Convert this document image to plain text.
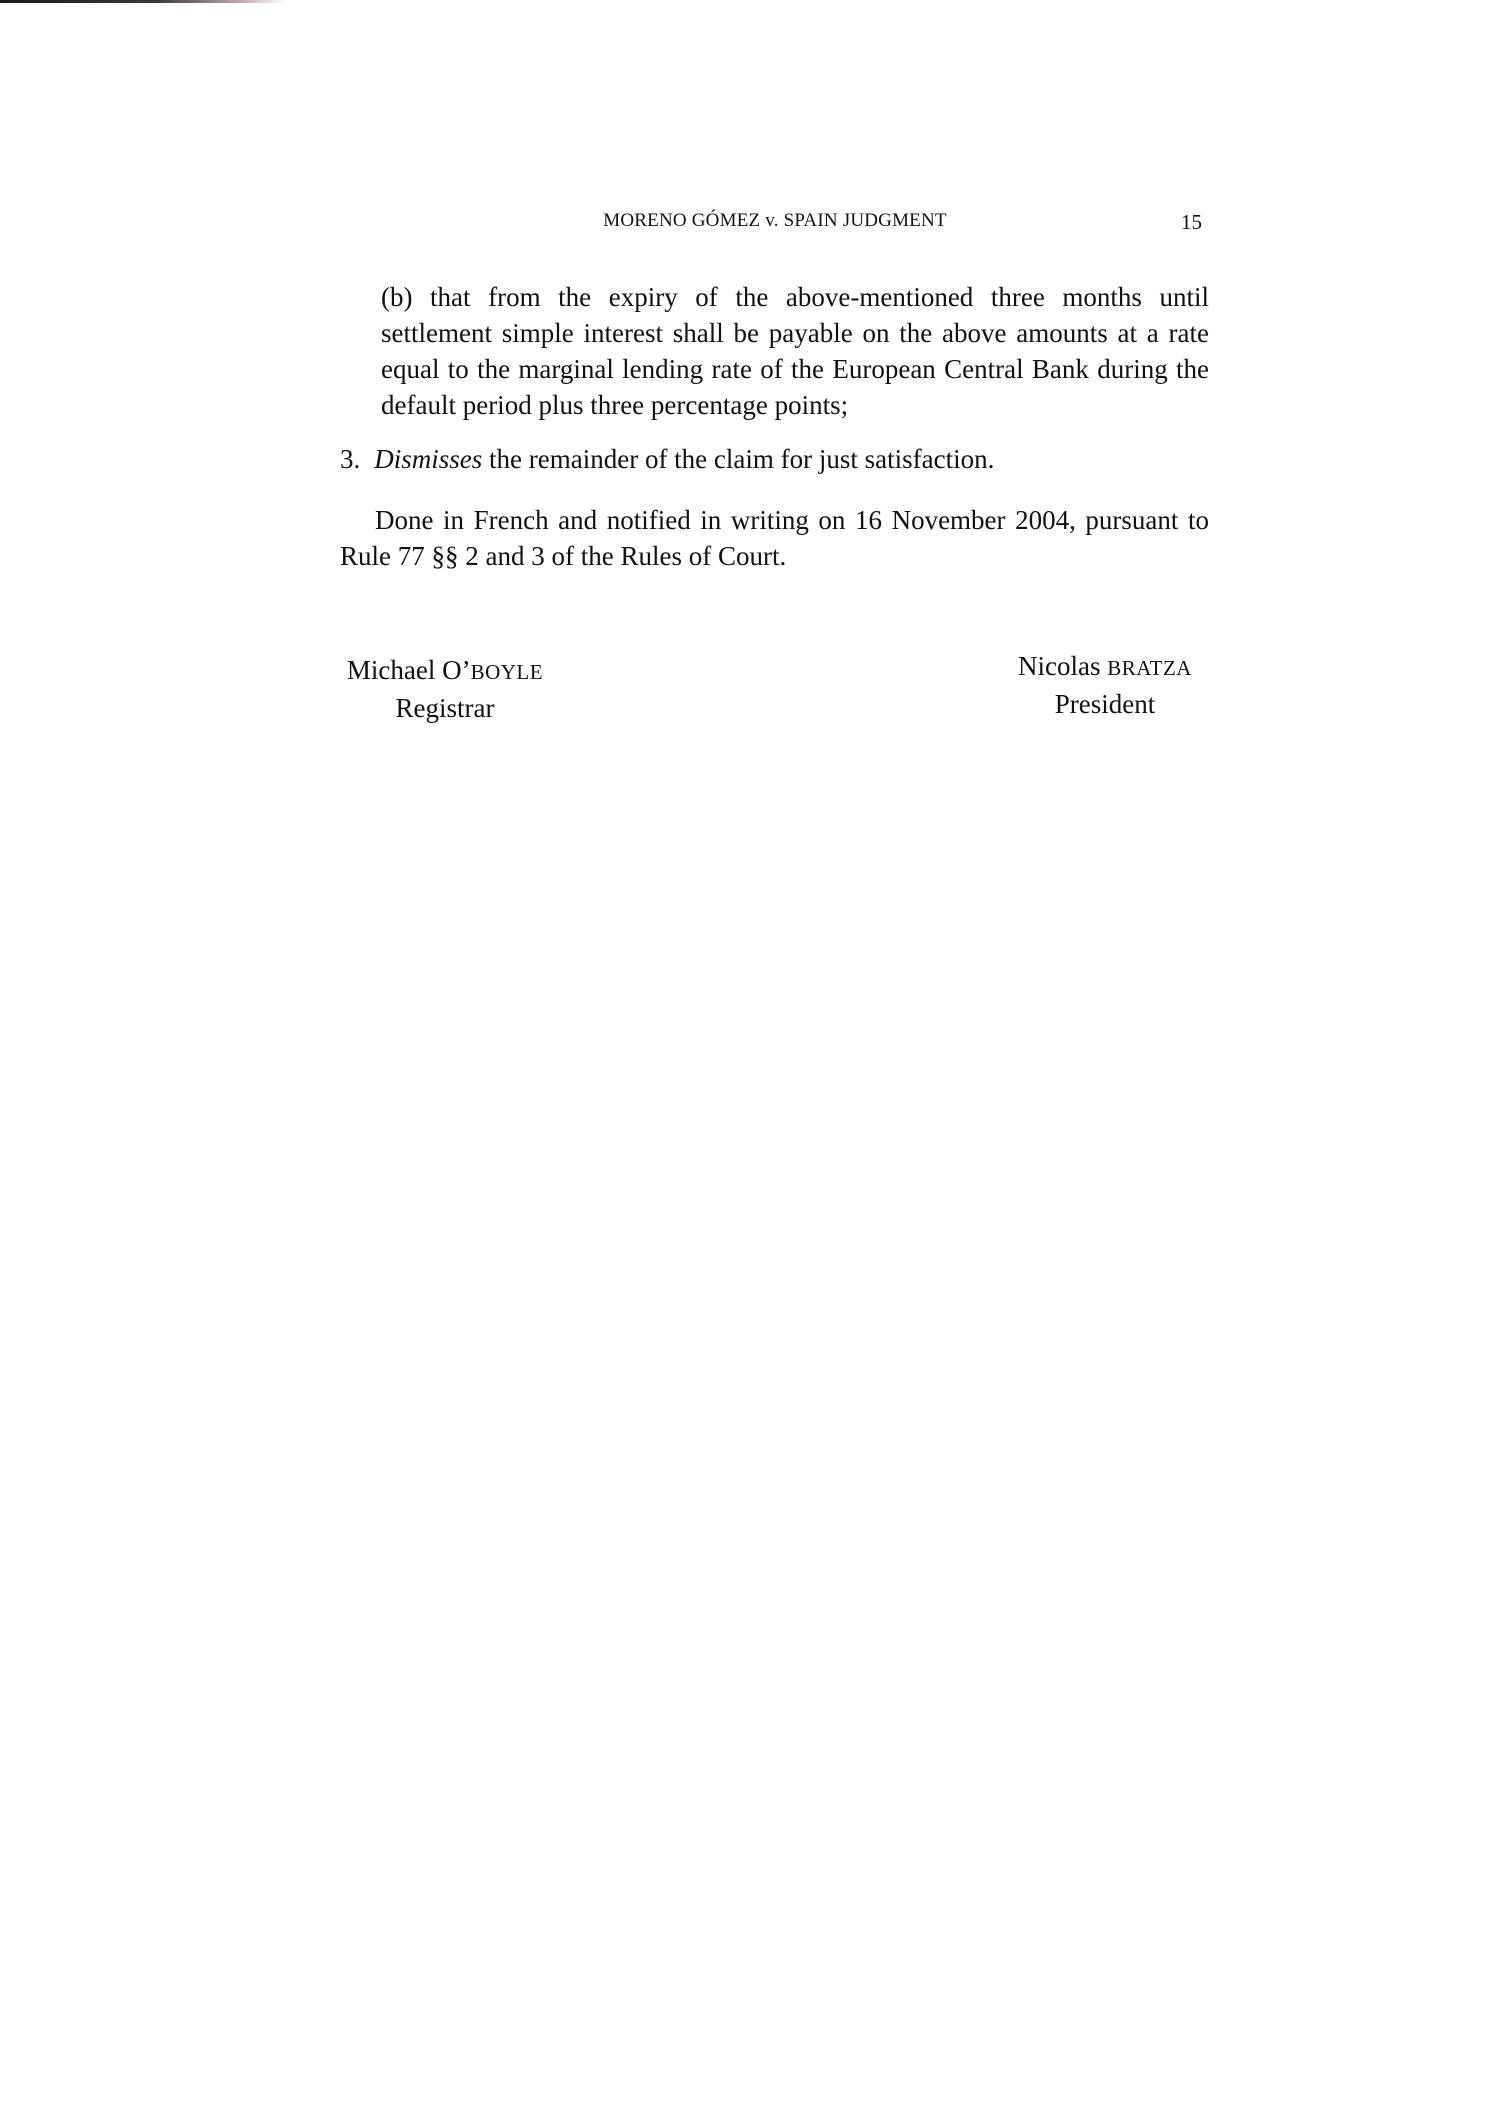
MORENO GÓMEZ v. SPAIN JUDGMENT	15
(b) that from the expiry of the above-mentioned three months until settlement simple interest shall be payable on the above amounts at a rate equal to the marginal lending rate of the European Central Bank during the default period plus three percentage points;
3. Dismisses the remainder of the claim for just satisfaction.
Done in French and notified in writing on 16 November 2004, pursuant to Rule 77 §§ 2 and 3 of the Rules of Court.
Michael O’BOYLE
Registrar
Nicolas BRATZA
President
